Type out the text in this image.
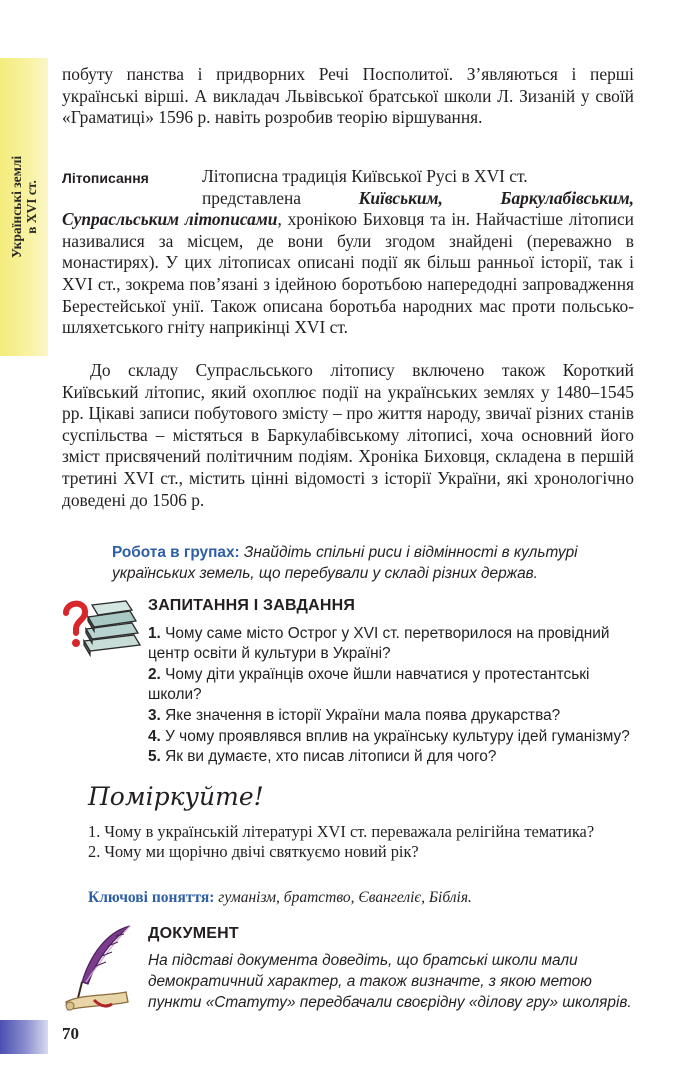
Українські землі в XVI ст.
побуту панства і придворних Речі Посполитої. З’являються і перші українські вірші. А викладач Львівської братської школи Л. Зизаній у своїй «Граматиці» 1596 р. навіть розробив теорію віршування.
Літописання	Літописна традиція Київської Русі в XVI ст.
представлена Київським, Баркулабівським, Супрасльським літописами, хронікою Биховця та ін. Найчастіше літописи називалися за місцем, де вони були згодом знайдені (переважно в монастирях). У цих літописах описані події як більш ранньої історії, так і XVI ст., зокрема пов’язані з ідейною боротьбою напередодні запровадження Берестейської унії. Також описана боротьба народних мас проти польсько-шляхетського гніту наприкінці XVI ст.
До складу Супрасльського літопису включено також Короткий Київський літопис, який охоплює події на українських землях у 1480–1545 рр. Цікаві записи побутового змісту – про життя народу, звичаї різних станів суспільства – містяться в Баркулабівському літописі, хоча основний його зміст присвячений політичним подіям. Хроніка Биховця, складена в першій третині XVI ст., містить цінні відомості з історії України, які хронологічно доведені до 1506 р.
Робота в групах: Знайдіть спільні риси і відмінності в культурі українських земель, що перебували у складі різних держав.
ЗАПИТАННЯ І ЗАВДАННЯ
1. Чому саме місто Острог у XVI ст. перетворилося на провідний центр освіти й культури в Україні?
2. Чому діти українців охоче йшли навчатися у протестантські школи?
3. Яке значення в історії України мала поява друкарства?
4. У чому проявлявся вплив на українську культуру ідей гуманізму?
5. Як ви думаєте, хто писав літописи й для чого?
Поміркуйте!
1. Чому в українській літературі XVI ст. переважала релігійна тематика?
2. Чому ми щорічно двічі святкуємо новий рік?
Ключові поняття: гуманізм, братство, Євангеліє, Біблія.
ДОКУМЕНТ
На підставі документа доведіть, що братські школи мали демократичний характер, а також визначте, з якою метою пункти «Статуту» передбачали своєрідну «ділову гру» школярів.
70
